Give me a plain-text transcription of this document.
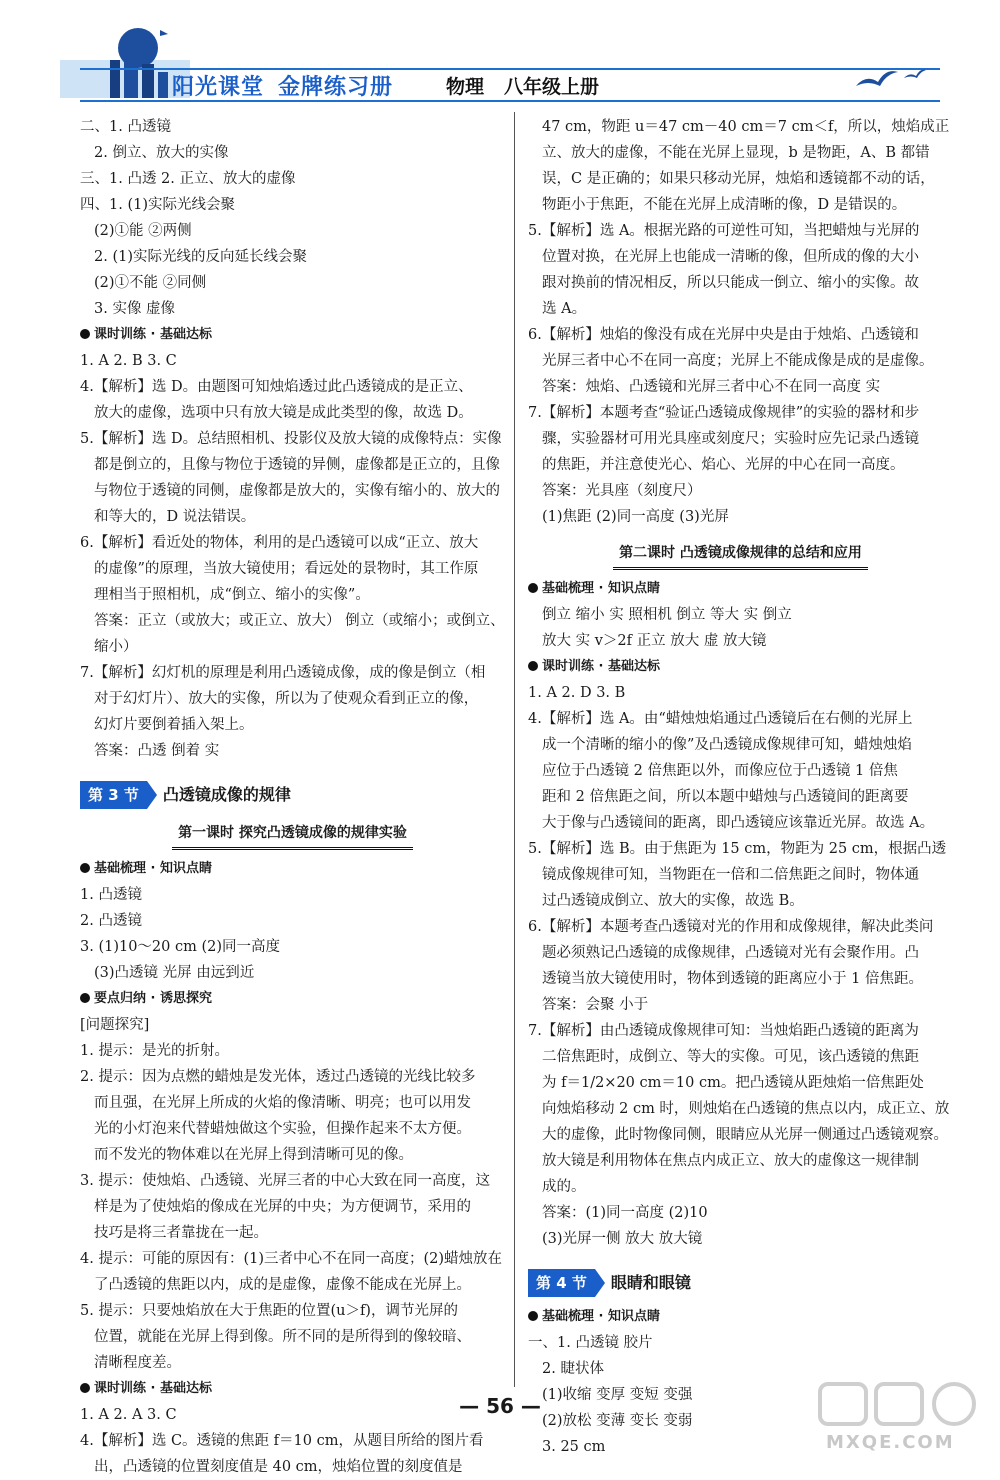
阳光课堂 金牌练习册	物理 八年级上册
二、1. 凸透镜
2. 倒立、放大的实像
三、1. 凸透 2. 正立、放大的虚像
四、1. (1)实际光线会聚
(2)①能 ②两侧
2. (1)实际光线的反向延长线会聚
(2)①不能 ②同侧
3. 实像 虚像
课时训练 · 基础达标
1. A 2. B 3. C
4.【解析】选 D。由题图可知烛焰透过此凸透镜成的是正立、
放大的虚像，选项中只有放大镜是成此类型的像，故选 D。
5.【解析】选 D。总结照相机、投影仪及放大镜的成像特点：实像
都是倒立的，且像与物位于透镜的异侧，虚像都是正立的，且像
与物位于透镜的同侧，虚像都是放大的，实像有缩小的、放大的
和等大的，D 说法错误。
6.【解析】看近处的物体，利用的是凸透镜可以成“正立、放大
的虚像”的原理，当放大镜使用；看远处的景物时，其工作原
理相当于照相机，成“倒立、缩小的实像”。
答案：正立（或放大；或正立、放大） 倒立（或缩小；或倒立、
缩小）
7.【解析】幻灯机的原理是利用凸透镜成像，成的像是倒立（相
对于幻灯片）、放大的实像，所以为了使观众看到正立的像，
幻灯片要倒着插入架上。
答案：凸透 倒着 实
第 3 节 凸透镜成像的规律
第一课时 探究凸透镜成像的规律实验
基础梳理 · 知识点睛
1. 凸透镜
2. 凸透镜
3. (1)10～20 cm (2)同一高度
(3)凸透镜 光屏 由远到近
要点归纳 · 诱思探究
[问题探究]
1. 提示：是光的折射。
2. 提示：因为点燃的蜡烛是发光体，透过凸透镜的光线比较多
而且强，在光屏上所成的火焰的像清晰、明亮；也可以用发
光的小灯泡来代替蜡烛做这个实验，但操作起来不太方便。
而不发光的物体难以在光屏上得到清晰可见的像。
3. 提示：使烛焰、凸透镜、光屏三者的中心大致在同一高度，这
样是为了使烛焰的像成在光屏的中央；为方便调节，采用的
技巧是将三者靠拢在一起。
4. 提示：可能的原因有：(1)三者中心不在同一高度；(2)蜡烛放在
了凸透镜的焦距以内，成的是虚像，虚像不能成在光屏上。
5. 提示：只要烛焰放在大于焦距的位置(u＞f)，调节光屏的
位置，就能在光屏上得到像。所不同的是所得到的像较暗、
清晰程度差。
课时训练 · 基础达标
1. A 2. A 3. C
4.【解析】选 C。透镜的焦距 f＝10 cm，从题目所给的图片看
出，凸透镜的位置刻度值是 40 cm，烛焰位置的刻度值是
47 cm，物距 u＝47 cm－40 cm＝7 cm＜f，所以，烛焰成正
立、放大的虚像，不能在光屏上显现，b 是物距，A、B 都错
误，C 是正确的；如果只移动光屏，烛焰和透镜都不动的话，
物距小于焦距，不能在光屏上成清晰的像，D 是错误的。
5.【解析】选 A。根据光路的可逆性可知，当把蜡烛与光屏的
位置对换，在光屏上也能成一清晰的像，但所成的像的大小
跟对换前的情况相反，所以只能成一倒立、缩小的实像。故
选 A。
6.【解析】烛焰的像没有成在光屏中央是由于烛焰、凸透镜和
光屏三者中心不在同一高度；光屏上不能成像是成的是虚像。
答案：烛焰、凸透镜和光屏三者中心不在同一高度 实
7.【解析】本题考查“验证凸透镜成像规律”的实验的器材和步
骤，实验器材可用光具座或刻度尺；实验时应先记录凸透镜
的焦距，并注意使光心、焰心、光屏的中心在同一高度。
答案：光具座（刻度尺）
(1)焦距 (2)同一高度 (3)光屏
第二课时 凸透镜成像规律的总结和应用
基础梳理 · 知识点睛
倒立 缩小 实 照相机 倒立 等大 实 倒立
放大 实 v＞2f 正立 放大 虚 放大镜
课时训练 · 基础达标
1. A 2. D 3. B
4.【解析】选 A。由“蜡烛烛焰通过凸透镜后在右侧的光屏上
成一个清晰的缩小的像”及凸透镜成像规律可知，蜡烛烛焰
应位于凸透镜 2 倍焦距以外，而像应位于凸透镜 1 倍焦
距和 2 倍焦距之间，所以本题中蜡烛与凸透镜间的距离要
大于像与凸透镜间的距离，即凸透镜应该靠近光屏。故选 A。
5.【解析】选 B。由于焦距为 15 cm，物距为 25 cm，根据凸透
镜成像规律可知，当物距在一倍和二倍焦距之间时，物体通
过凸透镜成倒立、放大的实像，故选 B。
6.【解析】本题考查凸透镜对光的作用和成像规律，解决此类问
题必须熟记凸透镜的成像规律，凸透镜对光有会聚作用。凸
透镜当放大镜使用时，物体到透镜的距离应小于 1 倍焦距。
答案：会聚 小于
7.【解析】由凸透镜成像规律可知：当烛焰距凸透镜的距离为
二倍焦距时，成倒立、等大的实像。可见，该凸透镜的焦距
为 f＝1/2×20 cm＝10 cm。把凸透镜从距烛焰一倍焦距处
向烛焰移动 2 cm 时，则烛焰在凸透镜的焦点以内，成正立、放
大的虚像，此时物像同侧，眼睛应从光屏一侧通过凸透镜观察。
放大镜是利用物体在焦点内成正立、放大的虚像这一规律制
成的。
答案：(1)同一高度 (2)10
(3)光屏一侧 放大 放大镜
第 4 节 眼睛和眼镜
基础梳理 · 知识点睛
一、1. 凸透镜 胶片
2. 睫状体
(1)收缩 变厚 变短 变强
(2)放松 变薄 变长 变弱
3. 25 cm
— 56 —
MXQE.COM
